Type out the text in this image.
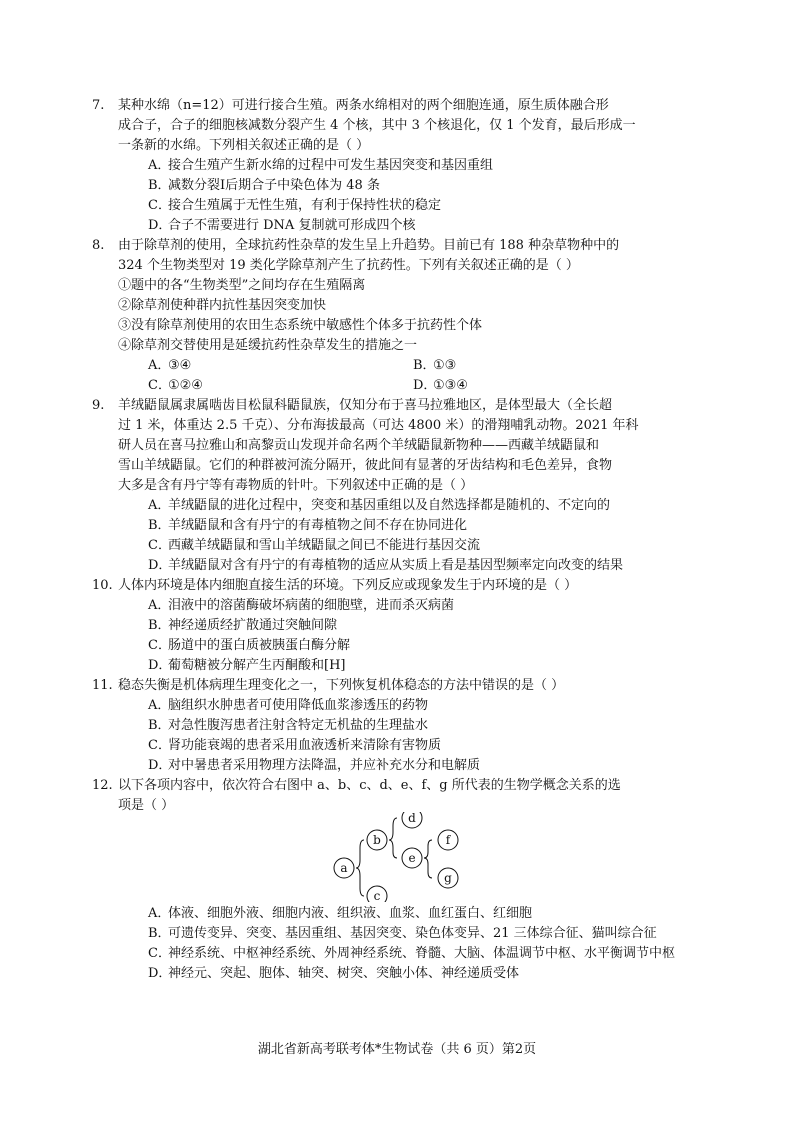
7.	某种水绵（n=12）可进行接合生殖。两条水绵相对的两个细胞连通，原生质体融合形
成合子，合子的细胞核减数分裂产生 4 个核，其中 3 个核退化，仅 1 个发育，最后形成一
一条新的水绵。下列相关叙述正确的是（ ）
A．接合生殖产生新水绵的过程中可发生基因突变和基因重组
B．减数分裂Ⅰ后期合子中染色体为 48 条
C．接合生殖属于无性生殖，有利于保持性状的稳定
D．合子不需要进行 DNA 复制就可形成四个核
8.	由于除草剂的使用，全球抗药性杂草的发生呈上升趋势。目前已有 188 种杂草物种中的
324 个生物类型对 19 类化学除草剂产生了抗药性。下列有关叙述正确的是（ ）
①题中的各“生物类型”之间均存在生殖隔离
②除草剂使种群内抗性基因突变加快
③没有除草剂使用的农田生态系统中敏感性个体多于抗药性个体
④除草剂交替使用是延缓抗药性杂草发生的措施之一
A．③④	B．①③
C．①②④	D．①③④
9.	羊绒鼯鼠属隶属啮齿目松鼠科鼯鼠族，仅知分布于喜马拉雅地区，是体型最大（全长超
过 1 米，体重达 2.5 千克）、分布海拔最高（可达 4800 米）的滑翔哺乳动物。2021 年科
研人员在喜马拉雅山和高黎贡山发现并命名两个羊绒鼯鼠新物种——西藏羊绒鼯鼠和
雪山羊绒鼯鼠。它们的种群被河流分隔开，彼此间有显著的牙齿结构和毛色差异，食物
大多是含有丹宁等有毒物质的针叶。下列叙述中正确的是（ ）
A．羊绒鼯鼠的进化过程中，突变和基因重组以及自然选择都是随机的、不定向的
B．羊绒鼯鼠和含有丹宁的有毒植物之间不存在协同进化
C．西藏羊绒鼯鼠和雪山羊绒鼯鼠之间已不能进行基因交流
D．羊绒鼯鼠对含有丹宁的有毒植物的适应从实质上看是基因型频率定向改变的结果
10. 人体内环境是体内细胞直接生活的环境。下列反应或现象发生于内环境的是（ ）
A．泪液中的溶菌酶破坏病菌的细胞壁，进而杀灭病菌
B．神经递质经扩散通过突触间隙
C．肠道中的蛋白质被胰蛋白酶分解
D．葡萄糖被分解产生丙酮酸和[H]
11. 稳态失衡是机体病理生理变化之一，下列恢复机体稳态的方法中错误的是（ ）
A．脑组织水肿患者可使用降低血浆渗透压的药物
B．对急性腹泻患者注射含特定无机盐的生理盐水
C．肾功能衰竭的患者采用血液透析来清除有害物质
D．对中暑患者采用物理方法降温，并应补充水分和电解质
12. 以下各项内容中，依次符合右图中 a、b、c、d、e、f、g 所代表的生物学概念关系的选
项是（ ）
a
b
c
d
e
f
g
A．体液、细胞外液、细胞内液、组织液、血浆、血红蛋白、红细胞
B．
可遗传变异、突变、基因重组、基因突变、染色体变异、21 三体综合征、猫叫综合征
C．
神经系统、中枢神经系统、外周神经系统、脊髓、大脑、体温调节中枢、水平衡调节中枢
D．神经元、突起、胞体、轴突、树突、突触小体、神经递质受体
湖北省新高考联考体*生物试卷（共 6 页）第2页
